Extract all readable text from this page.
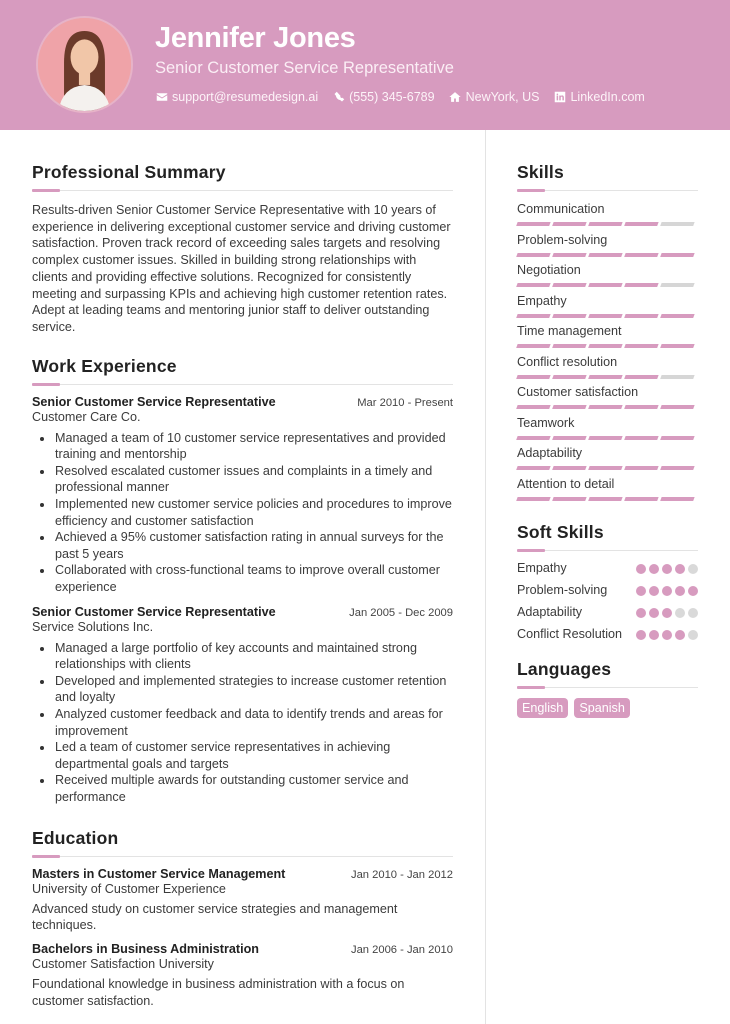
Jennifer Jones
Senior Customer Service Representative
support@resumedesign.ai (555) 345-6789 NewYork, US LinkedIn.com
Professional Summary

Results-driven Senior Customer Service Representative with 10 years of experience in delivering exceptional customer service and driving customer satisfaction. Proven track record of exceeding sales targets and resolving complex customer issues. Skilled in building strong relationships with clients and providing effective solutions. Recognized for consistently meeting and surpassing KPIs and achieving high customer retention rates. Adept at leading teams and mentoring junior staff to deliver outstanding service.

Work Experience
Senior Customer Service Representative	Mar 2010 - Present
Customer Care Co.
Managed a team of 10 customer service representatives and provided training and mentorship
Resolved escalated customer issues and complaints in a timely and professional manner
Implemented new customer service policies and procedures to improve efficiency and customer satisfaction
Achieved a 95% customer satisfaction rating in annual surveys for the past 5 years
Collaborated with cross-functional teams to improve overall customer experience
Senior Customer Service Representative	Jan 2005 - Dec 2009
Service Solutions Inc.
Managed a large portfolio of key accounts and maintained strong relationships with clients
Developed and implemented strategies to increase customer retention and loyalty
Analyzed customer feedback and data to identify trends and areas for improvement
Led a team of customer service representatives in achieving departmental goals and targets
Received multiple awards for outstanding customer service and performance
Education
Masters in Customer Service Management	Jan 2010 - Jan 2012
University of Customer Experience

Advanced study on customer service strategies and management techniques.

Bachelors in Business Administration	Jan 2006 - Jan 2010
Customer Satisfaction University

Foundational knowledge in business administration with a focus on customer satisfaction.

Skills
Communication
Problem-solving
Negotiation
Empathy
Time management
Conflict resolution
Customer satisfaction
Teamwork
Adaptability
Attention to detail
Soft Skills
Empathy
Problem-solving
Adaptability
Conflict Resolution
Languages
English	Spanish
